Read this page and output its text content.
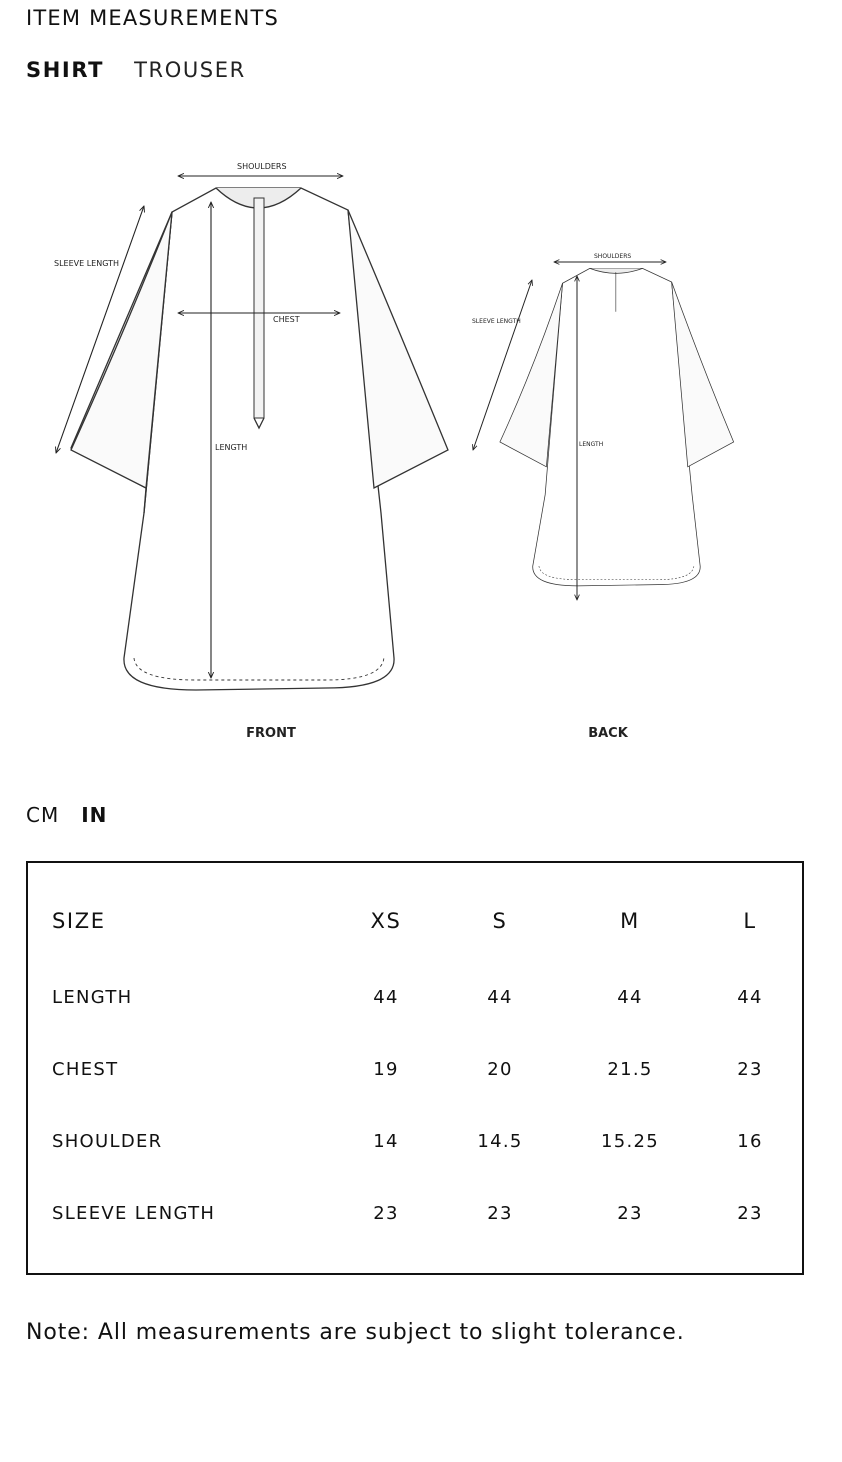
ITEM MEASUREMENTS
SHIRT TROUSER
SHOULDERS
SLEEVE LENGTH
CHEST
LENGTH
FRONT
SHOULDERS
SLEEVE LENGTH
LENGTH
BACK
CM IN
SIZE	XS	S	M	L
LENGTH	44	44	44	44
CHEST	19	20	21.5	23
SHOULDER	14	14.5	15.25	16
SLEEVE LENGTH	23	23	23	23
Note: All measurements are subject to slight tolerance.
